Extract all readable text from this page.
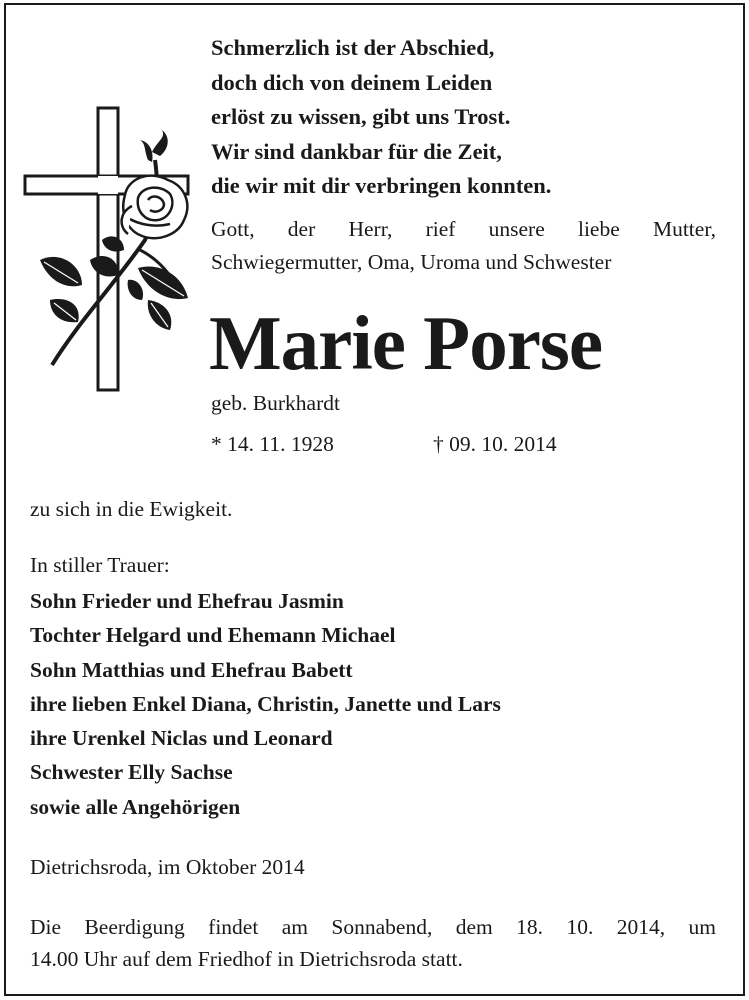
Schmerzlich ist der Abschied,
doch dich von deinem Leiden
erlöst zu wissen, gibt uns Trost.
Wir sind dankbar für die Zeit,
die wir mit dir verbringen konnten.
Gott, der Herr, rief unsere liebe Mutter,
Schwiegermutter, Oma, Uroma und Schwester
Marie Porse
geb. Burkhardt
* 14. 11. 1928	† 09. 10. 2014
zu sich in die Ewigkeit.
In stiller Trauer:
Sohn Frieder und Ehefrau Jasmin
Tochter Helgard und Ehemann Michael
Sohn Matthias und Ehefrau Babett
ihre lieben Enkel Diana, Christin, Janette und Lars
ihre Urenkel Niclas und Leonard
Schwester Elly Sachse
sowie alle Angehörigen
Dietrichsroda, im Oktober 2014
Die Beerdigung findet am Sonnabend, dem 18. 10. 2014, um
14.00 Uhr auf dem Friedhof in Dietrichsroda statt.
